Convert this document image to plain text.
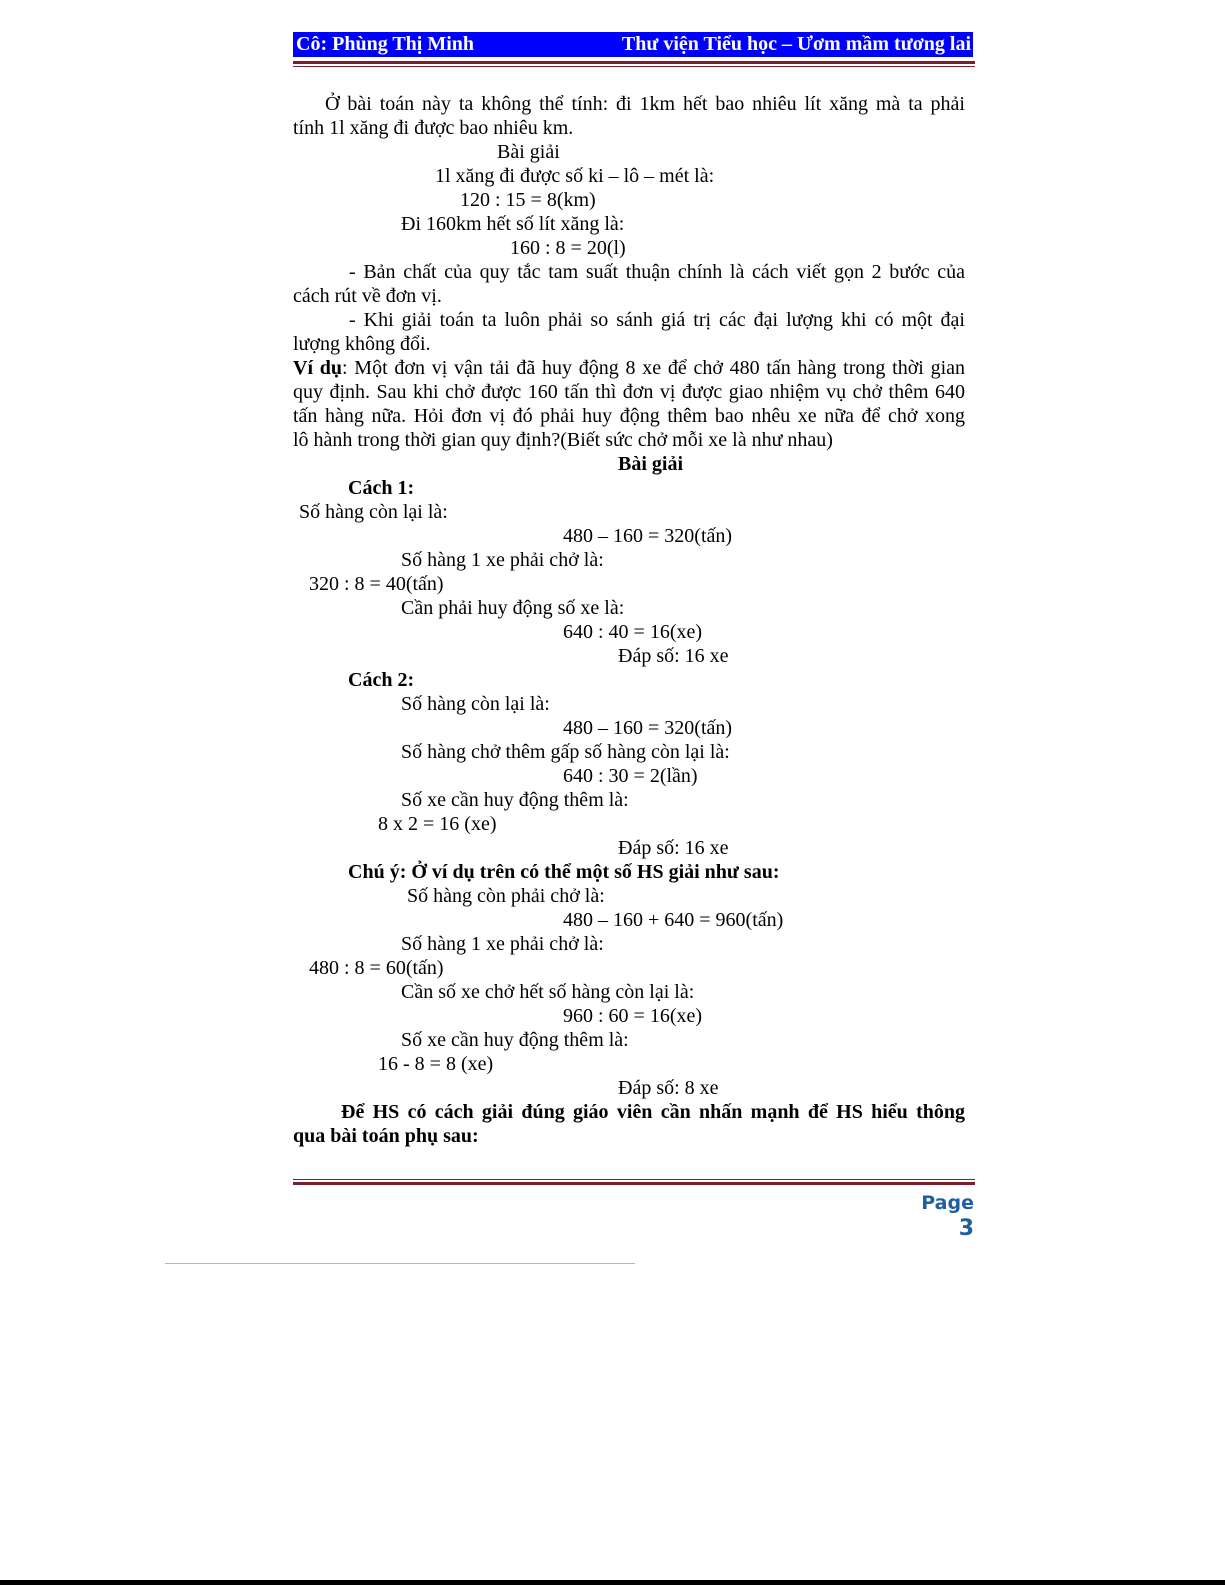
Cô: Phùng Thị Minh	Thư viện Tiểu học – Ươm mầm tương lai
Ở bài toán này ta không thể tính: đi 1km hết bao nhiêu lít xăng mà ta phải
tính 1l xăng đi được bao nhiêu km.
Bài giải
1l xăng đi được số ki – lô – mét là:
120 : 15 = 8(km)
Đi 160km hết số lít xăng là:
160 : 8 = 20(l)
- Bản chất của quy tắc tam suất thuận chính là cách viết gọn 2 bước của
cách rút về đơn vị.
- Khi giải toán ta luôn phải so sánh giá trị các đại lượng khi có một đại
lượng không đổi.
Ví dụ: Một đơn vị vận tải đã huy động 8 xe để chở 480 tấn hàng trong thời gian
quy định. Sau khi chở được 160 tấn thì đơn vị được giao nhiệm vụ chở thêm 640
tấn hàng nữa. Hỏi đơn vị đó phải huy động thêm bao nhêu xe nữa để chở xong
lô hành trong thời gian quy định?(Biết sức chở mỗi xe là như nhau)
Bài giải
Cách 1:
Số hàng còn lại là:
480 – 160 = 320(tấn)
Số hàng 1 xe phải chở là:
320 : 8 = 40(tấn)
Cần phải huy động số xe là:
640 : 40 = 16(xe)
Đáp số: 16 xe
Cách 2:
Số hàng còn lại là:
480 – 160 = 320(tấn)
Số hàng chở thêm gấp số hàng còn lại là:
640 : 30 = 2(lần)
Số xe cần huy động thêm là:
8 x 2 = 16 (xe)
Đáp số: 16 xe
Chú ý: Ở ví dụ trên có thể một số HS giải như sau:
Số hàng còn phải chở là:
480 – 160 + 640 = 960(tấn)
Số hàng 1 xe phải chở là:
480 : 8 = 60(tấn)
Cần số xe chở hết số hàng còn lại là:
960 : 60 = 16(xe)
Số xe cần huy động thêm là:
16 - 8 = 8 (xe)
Đáp số: 8 xe
Để HS có cách giải đúng giáo viên cần nhấn mạnh để HS hiểu thông
qua bài toán phụ sau:
Page 3
